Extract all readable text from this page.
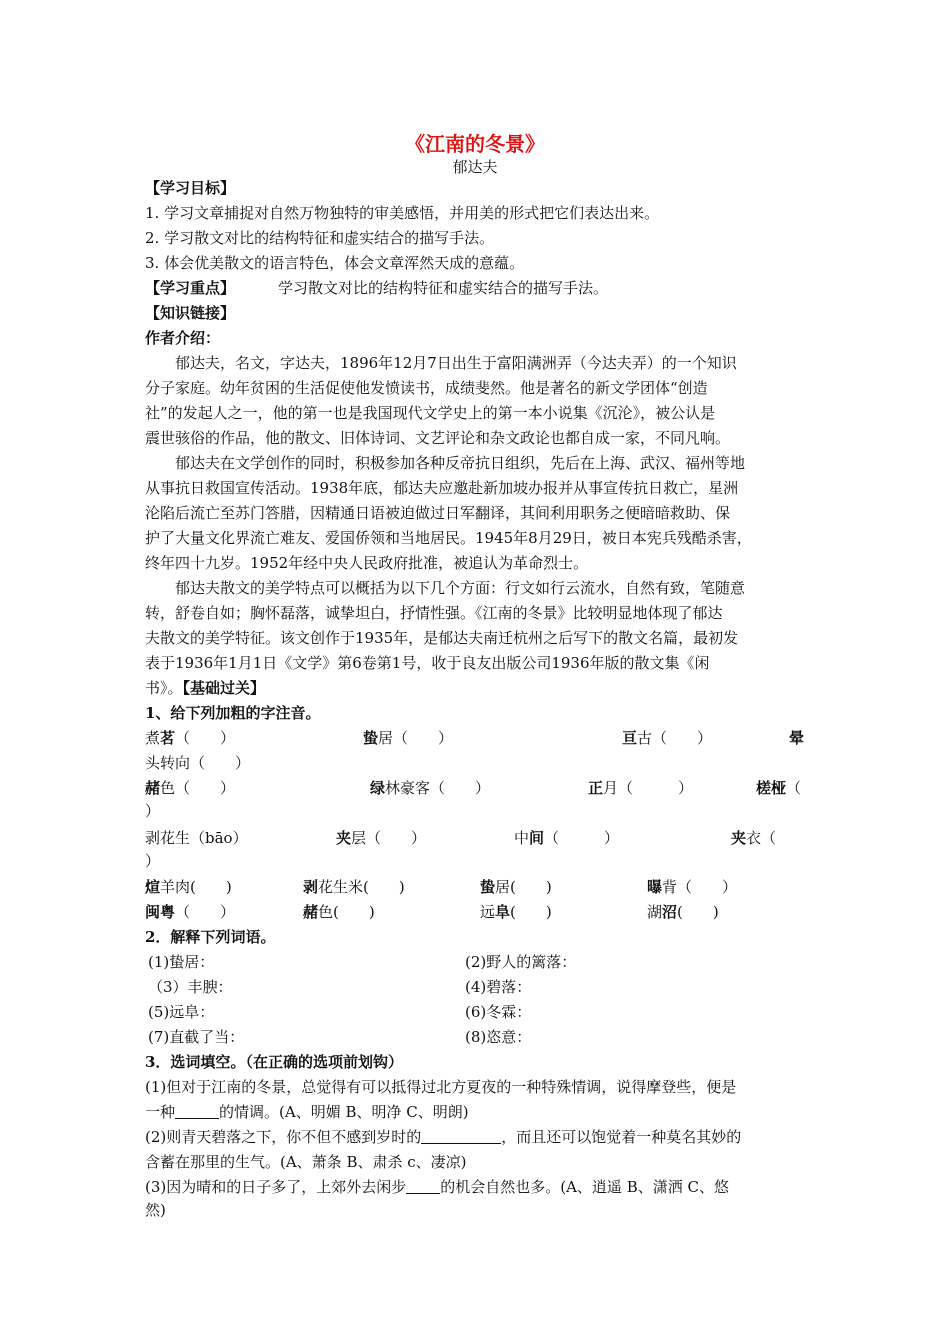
《江南的冬景》
郁达夫
【学习目标】
1. 学习文章捕捉对自然万物独特的审美感悟，并用美的形式把它们表达出来。
2. 学习散文对比的结构特征和虚实结合的描写手法。
3. 体会优美散文的语言特色，体会文章浑然天成的意蕴。
【学习重点】	学习散文对比的结构特征和虚实结合的描写手法。
【知识链接】
作者介绍：
郁达夫，名文，字达夫，1896年12月7日出生于富阳满洲弄（今达夫弄）的一个知识
分子家庭。幼年贫困的生活促使他发愤读书，成绩斐然。他是著名的新文学团体“创造
社”的发起人之一，他的第一也是我国现代文学史上的第一本小说集《沉沦》，被公认是
震世骇俗的作品，他的散文、旧体诗词、文艺评论和杂文政论也都自成一家，不同凡响。
郁达夫在文学创作的同时，积极参加各种反帝抗日组织，先后在上海、武汉、福州等地
从事抗日救国宣传活动。1938年底，郁达夫应邀赴新加坡办报并从事宣传抗日救亡，星洲
沦陷后流亡至苏门答腊，因精通日语被迫做过日军翻译，其间利用职务之便暗暗救助、保
护了大量文化界流亡难友、爱国侨领和当地居民。1945年8月29日，被日本宪兵残酷杀害，
终年四十九岁。1952年经中央人民政府批准，被追认为革命烈士。
郁达夫散文的美学特点可以概括为以下几个方面：行文如行云流水，自然有致，笔随意
转，舒卷自如；胸怀磊落，诚挚坦白，抒情性强。《江南的冬景》比较明显地体现了郁达
夫散文的美学特征。该文创作于1935年，是郁达夫南迁杭州之后写下的散文名篇，最初发
表于1936年1月1日《文学》第6卷第1号，收于良友出版公司1936年版的散文集《闲
书》。【基础过关】
1、给下列加粗的字注音。
煮茗（　　）	蛰居（　　）	亘古（　　）	晕
头转向（　　）
赭色（　　）	绿林豪客（　　）	正月（　　　）	槎桠（
）
剥花生（bāo）	夹层（　　）	中间（　　　）	夹衣（
）
煊羊肉(　　)	剥花生米(　　)	蛰居(　　)	曝背（　　）
闽粤（　　）	赭色(　　)	远阜(　　)	湖沼(　　)
2．解释下列词语。
(1)蛰居：	(2)野人的篱落：
（3）丰腴：	(4)碧落：
(5)远阜：	(6)冬霖：
(7)直截了当：	(8)恣意：
3．选词填空。（在正确的选项前划钩）
(1)但对于江南的冬景，总觉得有可以抵得过北方夏夜的一种特殊情调，说得摩登些，便是
一种	的情调。(A、明媚 B、明净 C、明朗)
(2)则青天碧落之下，你不但不感到岁时的	，而且还可以饱觉着一种莫名其妙的
含蓄在那里的生气。(A、萧条 B、肃杀 c、凄凉)
(3)因为晴和的日子多了，上郊外去闲步 的机会自然也多。(A、逍遥 B、潇洒 C、悠
然)
